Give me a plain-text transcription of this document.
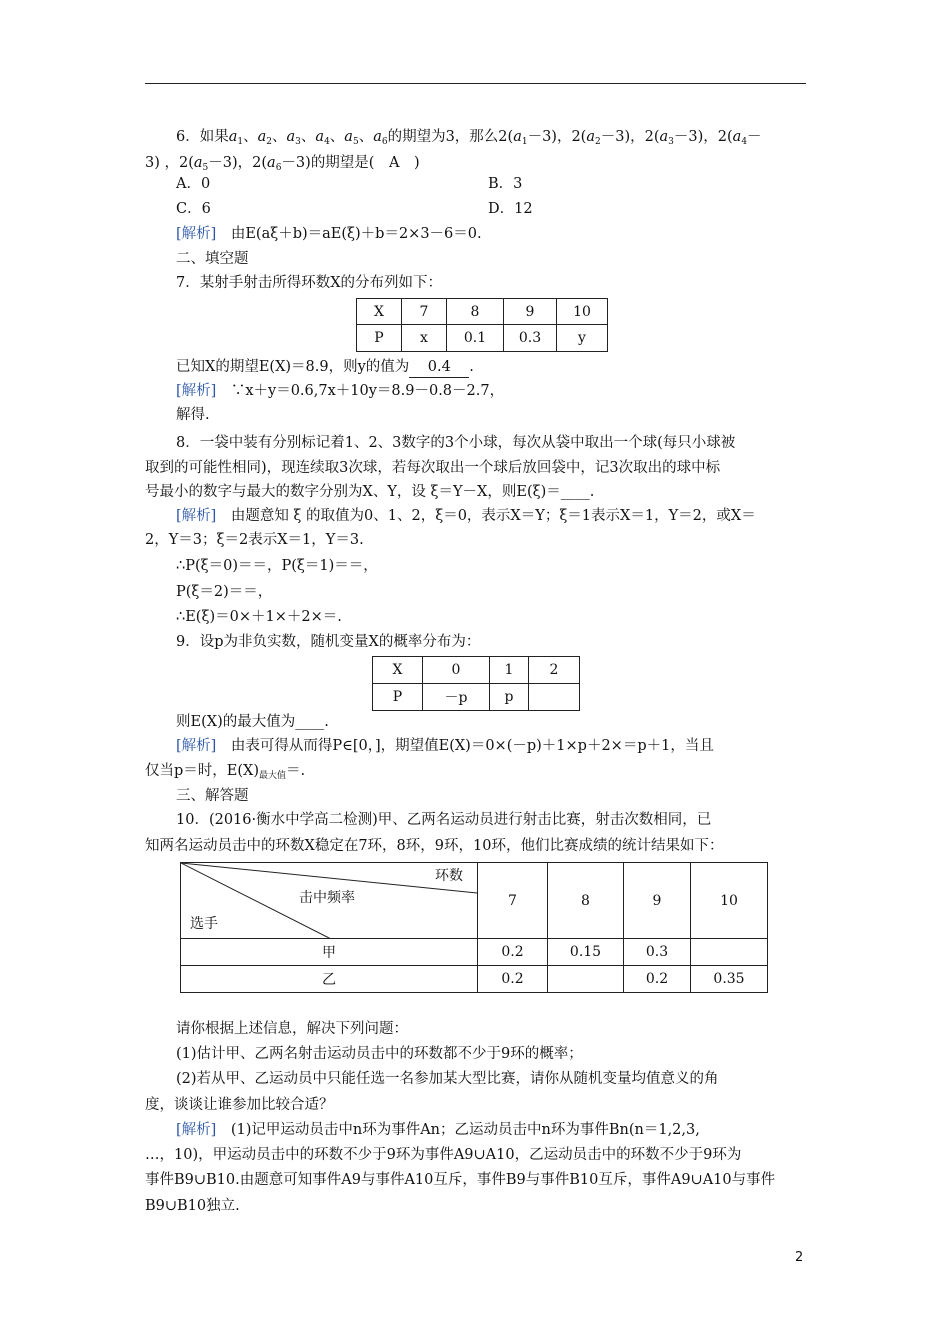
6．如果$a_1$、$a_2$、$a_3$、$a_4$、$a_5$、$a_6$的期望为3，那么$2(a_1-3)$，$2(a_2-3)$，$2(a_3-3)$，$2(a_4-$
3) ，$2(a_5-3)$，$2(a_6-3)$的期望是(　 A　 )
A．0	B．3
C．6	D．12
[解析]　 由E(aξ＋b)＝aE(ξ)＋b＝2×3－6＝0.
二、填空题
7．某射手射击所得环数X的分布列如下：
X	7	8	9	10
P	x	0.1	0.3	y
已知X的期望E(X)＝8.9，则y的值为 0.4 .
[解析]　 ∵x＋y＝0.6,7x＋10y＝8.9－0.8－2.7，
解得.
8．一袋中装有分别标记着1、2、3数字的3个小球，每次从袋中取出一个球(每只小球被
取到的可能性相同)，现连续取3次球，若每次取出一个球后放回袋中，记3次取出的球中标
号最小的数字与最大的数字分别为X、Y，设 ξ＝Y－X，则E(ξ)＝____.
[解析]　 由题意知 ξ 的取值为0、1、2，ξ＝0，表示X＝Y；ξ＝1表示X＝1，Y＝2，或X＝
2，Y＝3；ξ＝2表示X＝1，Y＝3.
∴P(ξ＝0)＝＝，P(ξ＝1)＝＝，
P(ξ＝2)＝＝，
∴E(ξ)＝0×＋1×＋2×＝.
9．设p为非负实数，随机变量X的概率分布为：
X	0	1	2
P	－p	p	
则E(X)的最大值为____.
[解析]　 由表可得从而得P∈[0，]，期望值E(X)＝0×(－p)＋1×p＋2×＝p＋1，当且
仅当p＝时，$E(X)_{最大值}=$.
三、解答题
10．(2016·衡水中学高二检测)甲、乙两名运动员进行射击比赛，射击次数相同，已
知两名运动员击中的环数X稳定在7环，8环，9环，10环，他们比赛成绩的统计结果如下：
环数
击中频率
选手	7	8	9	10
甲	0.2	0.15	0.3	
乙	0.2		0.2	0.35
请你根据上述信息，解决下列问题：
(1)估计甲、乙两名射击运动员击中的环数都不少于9环的概率；
(2)若从甲、乙运动员中只能任选一名参加某大型比赛，请你从随机变量均值意义的角
度，谈谈让谁参加比较合适？
[解析]　 (1)记甲运动员击中n环为事件An；乙运动员击中n环为事件Bn(n＝1,2,3,
…，10)，甲运动员击中的环数不少于9环为事件A9∪A10，乙运动员击中的环数不少于9环为
事件B9∪B10.由题意可知事件A9与事件A10互斥，事件B9与事件B10互斥，事件A9∪A10与事件
B9∪B10独立.
2
